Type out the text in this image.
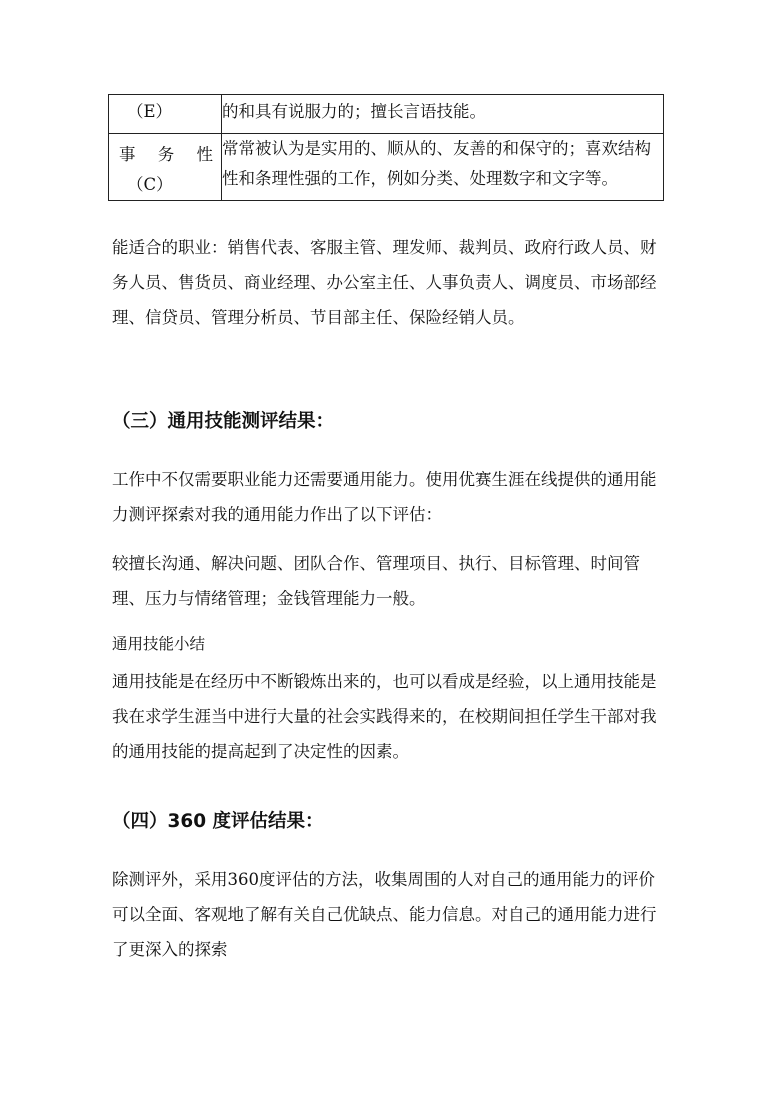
（E）	的和具有说服力的；擅长言语技能。

事 务 性
（C）	常常被认为是实用的、顺从的、友善的和保守的；喜欢结构性和条理性强的工作，例如分类、处理数字和文字等。

能适合的职业：销售代表、客服主管、理发师、裁判员、政府行政人员、财务人员、售货员、商业经理、办公室主任、人事负责人、调度员、市场部经理、信贷员、管理分析员、节目部主任、保险经销人员。

（三）通用技能测评结果：

工作中不仅需要职业能力还需要通用能力。使用优赛生涯在线提供的通用能力测评探索对我的通用能力作出了以下评估：

较擅长沟通、解决问题、团队合作、管理项目、执行、目标管理、时间管理、压力与情绪管理；金钱管理能力一般。

通用技能小结

通用技能是在经历中不断锻炼出来的，也可以看成是经验，以上通用技能是我在求学生涯当中进行大量的社会实践得来的，在校期间担任学生干部对我的通用技能的提高起到了决定性的因素。

（四）360 度评估结果：

除测评外，采用360度评估的方法，收集周围的人对自己的通用能力的评价可以全面、客观地了解有关自己优缺点、能力信息。对自己的通用能力进行了更深入的探索
